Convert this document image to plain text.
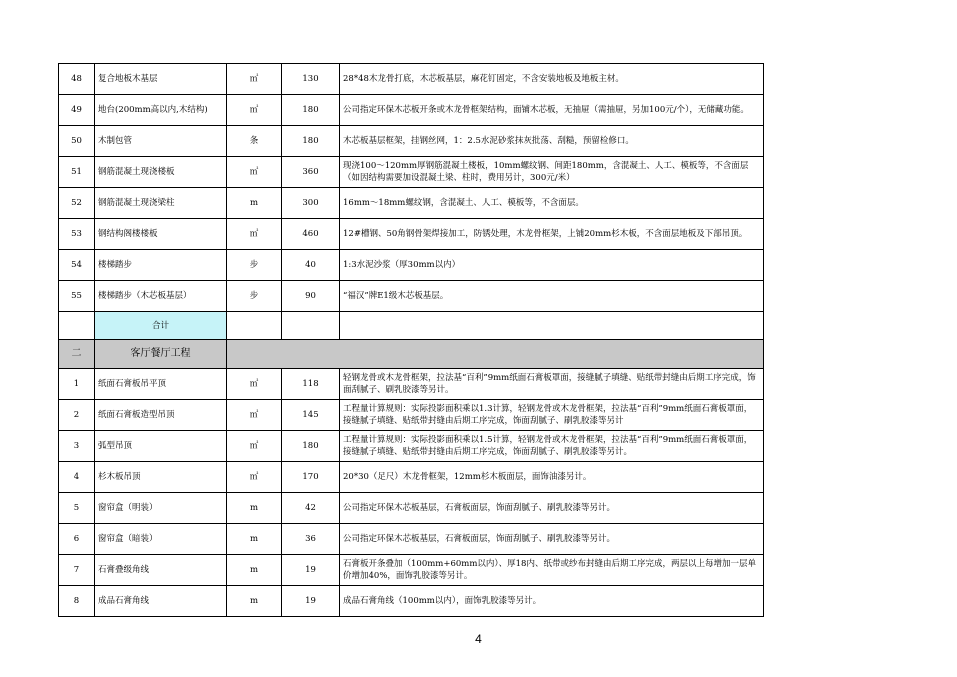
48	复合地板木基层	㎡	130	28*48木龙骨打底，木芯板基层，麻花钉固定，不含安装地板及地板主材。
49	地台(200mm高以内,木结构)	㎡	180	公司指定环保木芯板开条或木龙骨框架结构，面铺木芯板，无抽屉（需抽屉，另加100元/个），无储藏功能。
50	木制包管	条	180	木芯板基层框架，挂钢丝网，1：2.5水泥砂浆抹灰批荡、刮糙，预留检修口。
51	钢筋混凝土现浇楼板	㎡	360	现浇100～120mm厚钢筋混凝土楼板，10mm螺纹钢、间距180mm，含混凝土、人工、模板等，不含面层（如因结构需要加设混凝土梁、柱时，费用另计，300元/米）
52	钢筋混凝土现浇梁柱	m	300	16mm～18mm螺纹钢，含混凝土、人工、模板等，不含面层。
53	钢结构阁楼楼板	㎡	460	12#槽钢、50角钢骨架焊接加工，防锈处理，木龙骨框架，上铺20mm杉木板，不含面层地板及下部吊顶。
54	楼梯踏步	步	40	1:3水泥沙浆（厚30mm以内）
55	楼梯踏步（木芯板基层）	步	90	“福汉”牌E1级木芯板基层。
	合计			
二	客厅餐厅工程			
1	纸面石膏板吊平顶	㎡	118	轻钢龙骨或木龙骨框架，拉法基“百利”9mm纸面石膏板罩面，接缝腻子填缝、贴纸带封缝由后期工序完成，饰面刮腻子、刷乳胶漆等另计。
2	纸面石膏板造型吊顶	㎡	145	工程量计算规则：实际投影面积乘以1.3计算，轻钢龙骨或木龙骨框架，拉法基“百利”9mm纸面石膏板罩面，接缝腻子填缝、贴纸带封缝由后期工序完成，饰面刮腻子、刷乳胶漆等另计
3	弧型吊顶	㎡	180	工程量计算规则：实际投影面积乘以1.5计算，轻钢龙骨或木龙骨框架，拉法基“百利”9mm纸面石膏板罩面，接缝腻子填缝、贴纸带封缝由后期工序完成，饰面刮腻子、刷乳胶漆等另计。
4	杉木板吊顶	㎡	170	20*30（足尺）木龙骨框架，12mm杉木板面层，面饰油漆另计。
5	窗帘盒（明装）	m	42	公司指定环保木芯板基层，石膏板面层，饰面刮腻子、刷乳胶漆等另计。
6	窗帘盒（暗装）	m	36	公司指定环保木芯板基层，石膏板面层，饰面刮腻子、刷乳胶漆等另计。
7	石膏叠级角线	m	19	石膏板开条叠加（100mm+60mm以内）、厚18内、纸带或纱布封缝由后期工序完成，两层以上每增加一层单价增加40%，面饰乳胶漆等另计。
8	成品石膏角线	m	19	成品石膏角线（100mm以内），面饰乳胶漆等另计。
4
